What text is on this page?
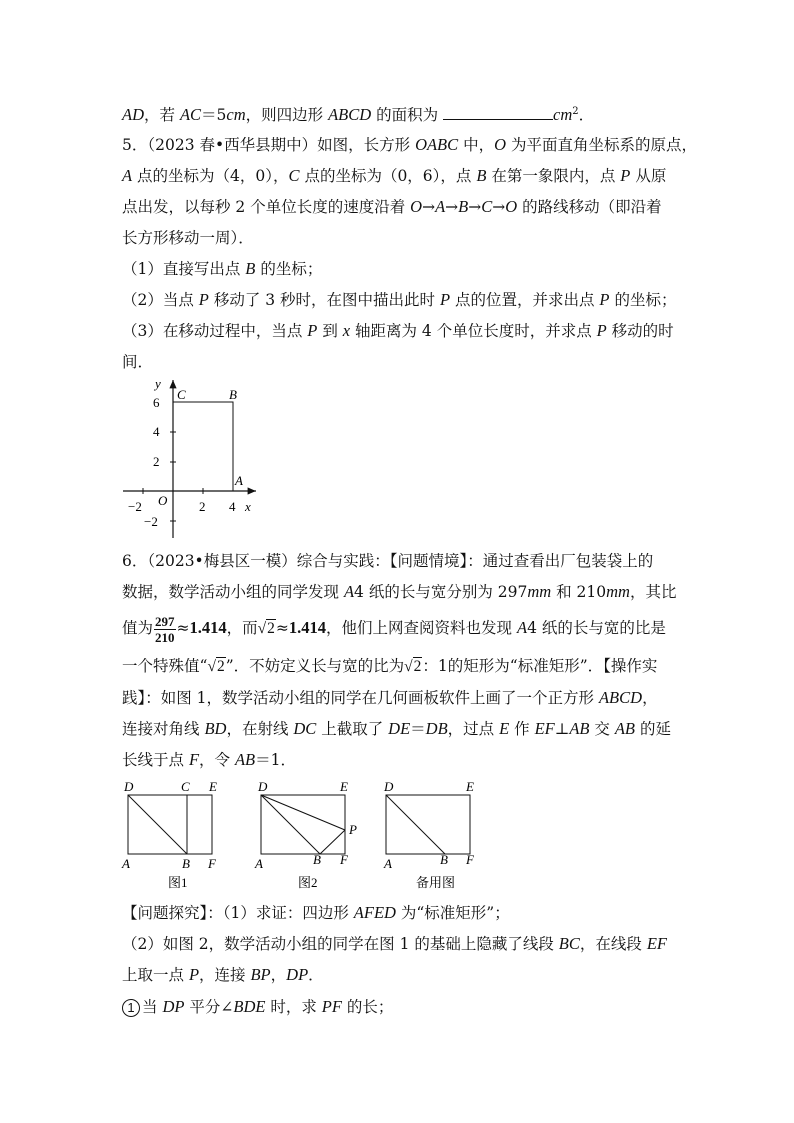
AD，若 AC＝5cm，则四边形 ABCD 的面积为	$cm^2$．
5．（2023 春•西华县期中）如图，长方形 OABC 中，O 为平面直角坐标系的原点，
A 点的坐标为（4，0），C 点的坐标为（0，6），点 B 在第一象限内，点 P 从原
点出发，以每秒 2 个单位长度的速度沿着 O→A→B→C→O 的路线移动（即沿着
长方形移动一周）．
（1）直接写出点 B 的坐标；
（2）当点 P 移动了 3 秒时，在图中描出此时 P 点的位置，并求出点 P 的坐标；
（3）在移动过程中，当点 P 到 x 轴距离为 4 个单位长度时，并求点 P 移动的时
间．
y
x
C	B
A
O
6
4
2
−2
−2	2 4
6．（2023•梅县区一模）综合与实践：【问题情境】：通过查看出厂包装袋上的
数据，数学活动小组的同学发现 A4 纸的长与宽分别为 297mm 和 210mm，其比
值为 $\frac{297}{210} \approx 1.414$，而√2≈1.414，他们上网查阅资料也发现 A4 纸的长与宽的比是
一个特殊值“√2”．不妨定义长与宽的比为√2：1的矩形为“标准矩形”．【操作实
践】：如图 1，数学活动小组的同学在几何画板软件上画了一个正方形 ABCD，
连接对角线 BD，在射线 DC 上截取了 DE＝DB，过点 E 作 EF⊥AB 交 AB 的延
长线于点 F，令 AB＝1．
D	C E
A	B F
图1
D	E
P
A	B F
图2
D	E
A	B F
备用图
【问题探究】：（1）求证：四边形 AFED 为“标准矩形”；
（2）如图 2，数学活动小组的同学在图 1 的基础上隐藏了线段 BC，在线段 EF
上取一点 P，连接 BP，DP．
1 当 DP 平分∠BDE 时，求 PF 的长；
